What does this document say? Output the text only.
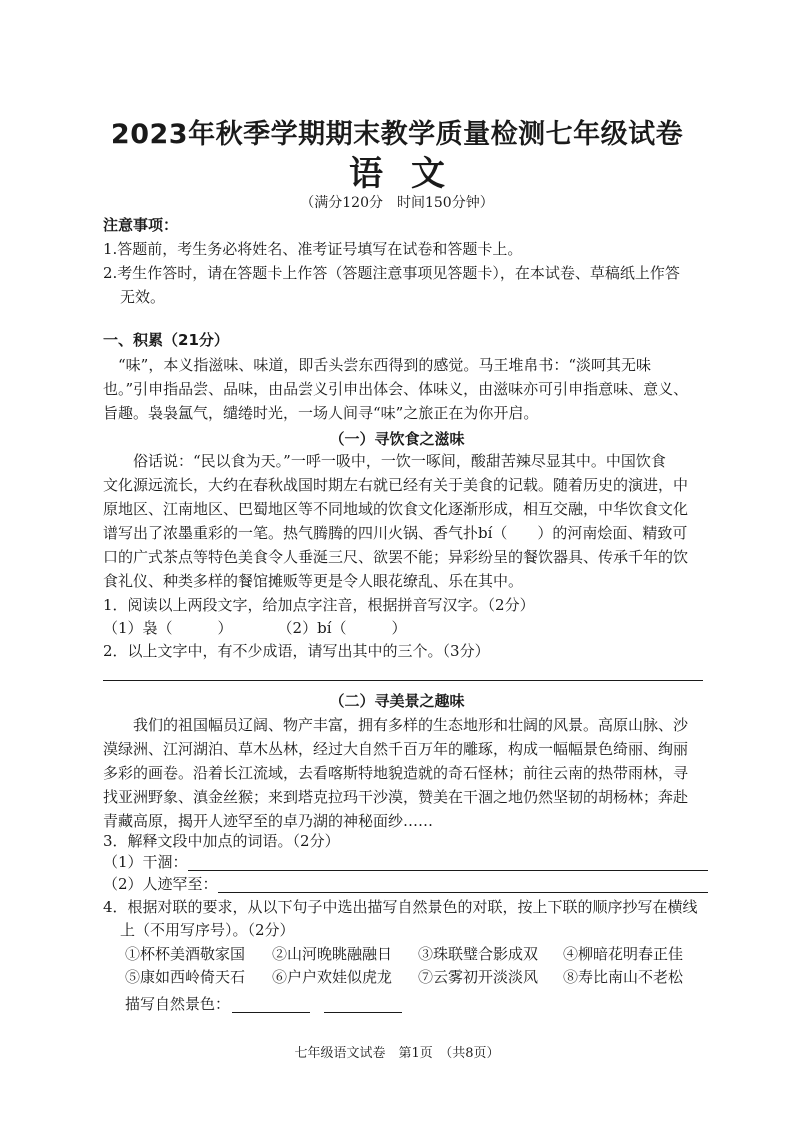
2023年秋季学期期末教学质量检测七年级试卷
语文
（满分120分　时间150分钟）
注意事项：
1.答题前，考生务必将姓名、准考证号填写在试卷和答题卡上。
2.考生作答时，请在答题卡上作答（答题注意事项见答题卡），在本试卷、草稿纸上作答
无效。
一、积累（21分）
“味”，本义指滋味、味道，即舌头尝东西得到的感觉。马王堆帛书：“淡呵其无味
也。”引申指品尝、品味，由品尝义引申出体会、体味义，由滋味亦可引申指意味、意义、
旨趣。袅袅氲气，缱绻时光，一场人间寻“味”之旅正在为你开启。
（一）寻饮食之滋味
俗话说：“民以食为天。”一呼一吸中，一饮一啄间，酸甜苦辣尽显其中。中国饮食
文化源远流长，大约在春秋战国时期左右就已经有关于美食的记载。随着历史的演进，中
原地区、江南地区、巴蜀地区等不同地域的饮食文化逐渐形成，相互交融，中华饮食文化
谱写出了浓墨重彩的一笔。热气腾腾的四川火锅、香气扑bí（　　）的河南烩面、精致可
口的广式茶点等特色美食令人垂涎三尺、欲罢不能；异彩纷呈的餐饮器具、传承千年的饮
食礼仪、种类多样的餐馆摊贩等更是令人眼花缭乱、乐在其中。
1．阅读以上两段文字，给加点字注音，根据拼音写汉字。（2分）
（1）袅（　　　）　　　　（2）bí（　　　）
2．以上文字中，有不少成语，请写出其中的三个。（3分）
（二）寻美景之趣味
我们的祖国幅员辽阔、物产丰富，拥有多样的生态地形和壮阔的风景。高原山脉、沙
漠绿洲、江河湖泊、草木丛林，经过大自然千百万年的雕琢，构成一幅幅景色绮丽、绚丽
多彩的画卷。沿着长江流域，去看喀斯特地貌造就的奇石怪林；前往云南的热带雨林，寻
找亚洲野象、滇金丝猴；来到塔克拉玛干沙漠，赞美在干涸之地仍然坚韧的胡杨林；奔赴
青藏高原，揭开人迹罕至的卓乃湖的神秘面纱……
3．解释文段中加点的词语。（2分）
（1）干涸：
（2）人迹罕至：
4．根据对联的要求，从以下句子中选出描写自然景色的对联，按上下联的顺序抄写在横线
上（不用写序号）。（2分）
①杯杯美酒敬家国 ②山河晚眺融融日 ③珠联璧合影成双 ④柳暗花明春正佳
⑤康如西岭倚天石 ⑥户户欢娃似虎龙 ⑦云雾初开淡淡风 ⑧寿比南山不老松
描写自然景色：
七年级语文试卷　第1页　（共8页）
